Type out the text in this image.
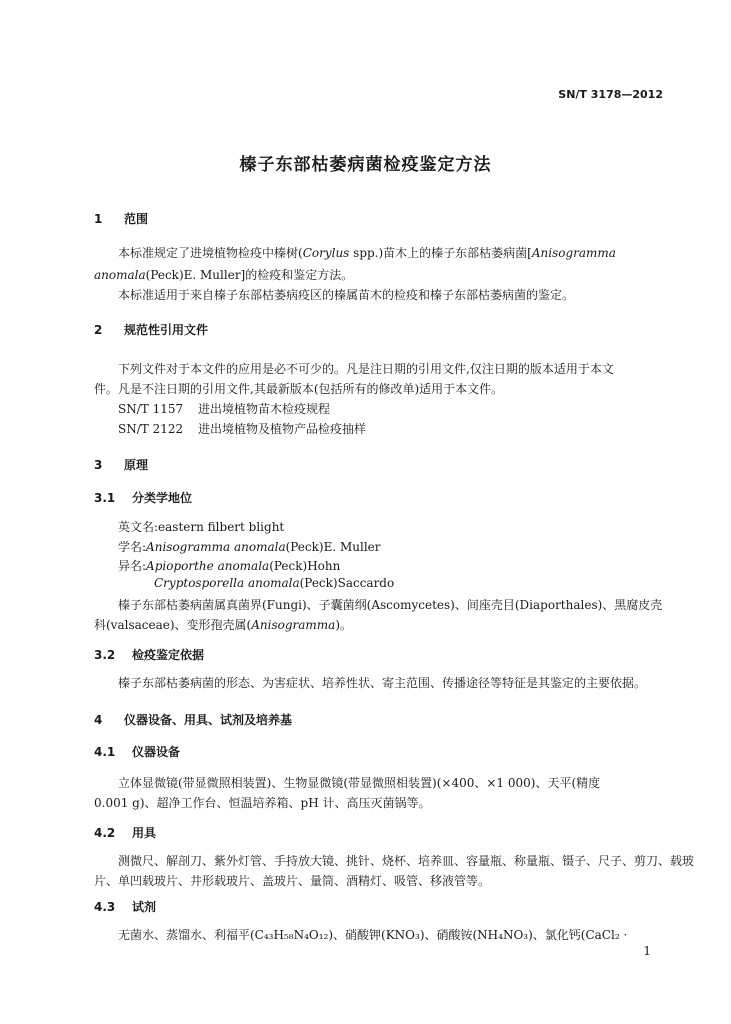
SN/T 3178—2012
榛子东部枯萎病菌检疫鉴定方法
1 范围
本标准规定了进境植物检疫中榛树(Corylus spp.)苗木上的榛子东部枯萎病菌[Anisogramma
anomala(Peck)E. Muller]的检疫和鉴定方法。
本标准适用于来自榛子东部枯萎病疫区的榛属苗木的检疫和榛子东部枯萎病菌的鉴定。
2 规范性引用文件
下列文件对于本文件的应用是必不可少的。凡是注日期的引用文件,仅注日期的版本适用于本文
件。凡是不注日期的引用文件,其最新版本(包括所有的修改单)适用于本文件。
SN/T 1157 进出境植物苗木检疫规程
SN/T 2122 进出境植物及植物产品检疫抽样
3 原理
3.1 分类学地位
英文名:eastern filbert blight
学名:Anisogramma anomala(Peck)E. Muller
异名:Apioporthe anomala(Peck)Hohn
Cryptosporella anomala(Peck)Saccardo
榛子东部枯萎病菌属真菌界(Fungi)、子囊菌纲(Ascomycetes)、间座壳目(Diaporthales)、黑腐皮壳
科(valsaceae)、变形孢壳属(Anisogramma)。
3.2 检疫鉴定依据
榛子东部枯萎病菌的形态、为害症状、培养性状、寄主范围、传播途径等特征是其鉴定的主要依据。
4 仪器设备、用具、试剂及培养基
4.1 仪器设备
立体显微镜(带显微照相装置)、生物显微镜(带显微照相装置)(×400、×1 000)、天平(精度
0.001 g)、超净工作台、恒温培养箱、pH 计、高压灭菌锅等。
4.2 用具
测微尺、解剖刀、紫外灯管、手持放大镜、挑针、烧杯、培养皿、容量瓶、称量瓶、镊子、尺子、剪刀、载玻
片、单凹载玻片、井形载玻片、盖玻片、量筒、酒精灯、吸管、移液管等。
4.3 试剂
无菌水、蒸馏水、利福平(C₄₃H₅₈N₄O₁₂)、硝酸钾(KNO₃)、硝酸铵(NH₄NO₃)、氯化钙(CaCl₂ ·
1
